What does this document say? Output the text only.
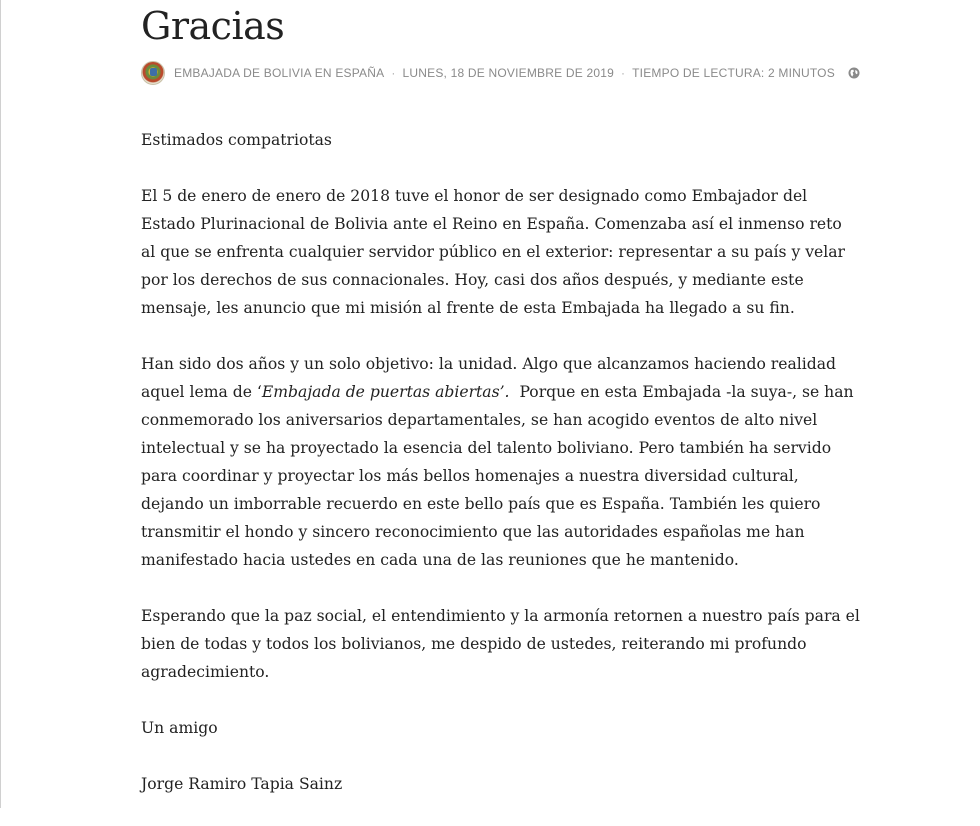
Gracias
EMBAJADA DE BOLIVIA EN ESPAÑA · LUNES, 18 DE NOVIEMBRE DE 2019 · TIEMPO DE LECTURA: 2 MINUTOS

Estimados compatriotas

El 5 de enero de enero de 2018 tuve el honor de ser designado como Embajador del Estado Plurinacional de Bolivia ante el Reino en España. Comenzaba así el inmenso reto al que se enfrenta cualquier servidor público en el exterior: representar a su país y velar por los derechos de sus connacionales. Hoy, casi dos años después, y mediante este mensaje, les anuncio que mi misión al frente de esta Embajada ha llegado a su fin.

Han sido dos años y un solo objetivo: la unidad. Algo que alcanzamos haciendo realidad aquel lema de ‘Embajada de puertas abiertas’.  Porque en esta Embajada -la suya-, se han conmemorado los aniversarios departamentales, se han acogido eventos de alto nivel intelectual y se ha proyectado la esencia del talento boliviano. Pero también ha servido para coordinar y proyectar los más bellos homenajes a nuestra diversidad cultural, dejando un imborrable recuerdo en este bello país que es España. También les quiero transmitir el hondo y sincero reconocimiento que las autoridades españolas me han manifestado hacia ustedes en cada una de las reuniones que he mantenido.

Esperando que la paz social, el entendimiento y la armonía retornen a nuestro país para el bien de todas y todos los bolivianos, me despido de ustedes, reiterando mi profundo agradecimiento.

Un amigo

Jorge Ramiro Tapia Sainz
